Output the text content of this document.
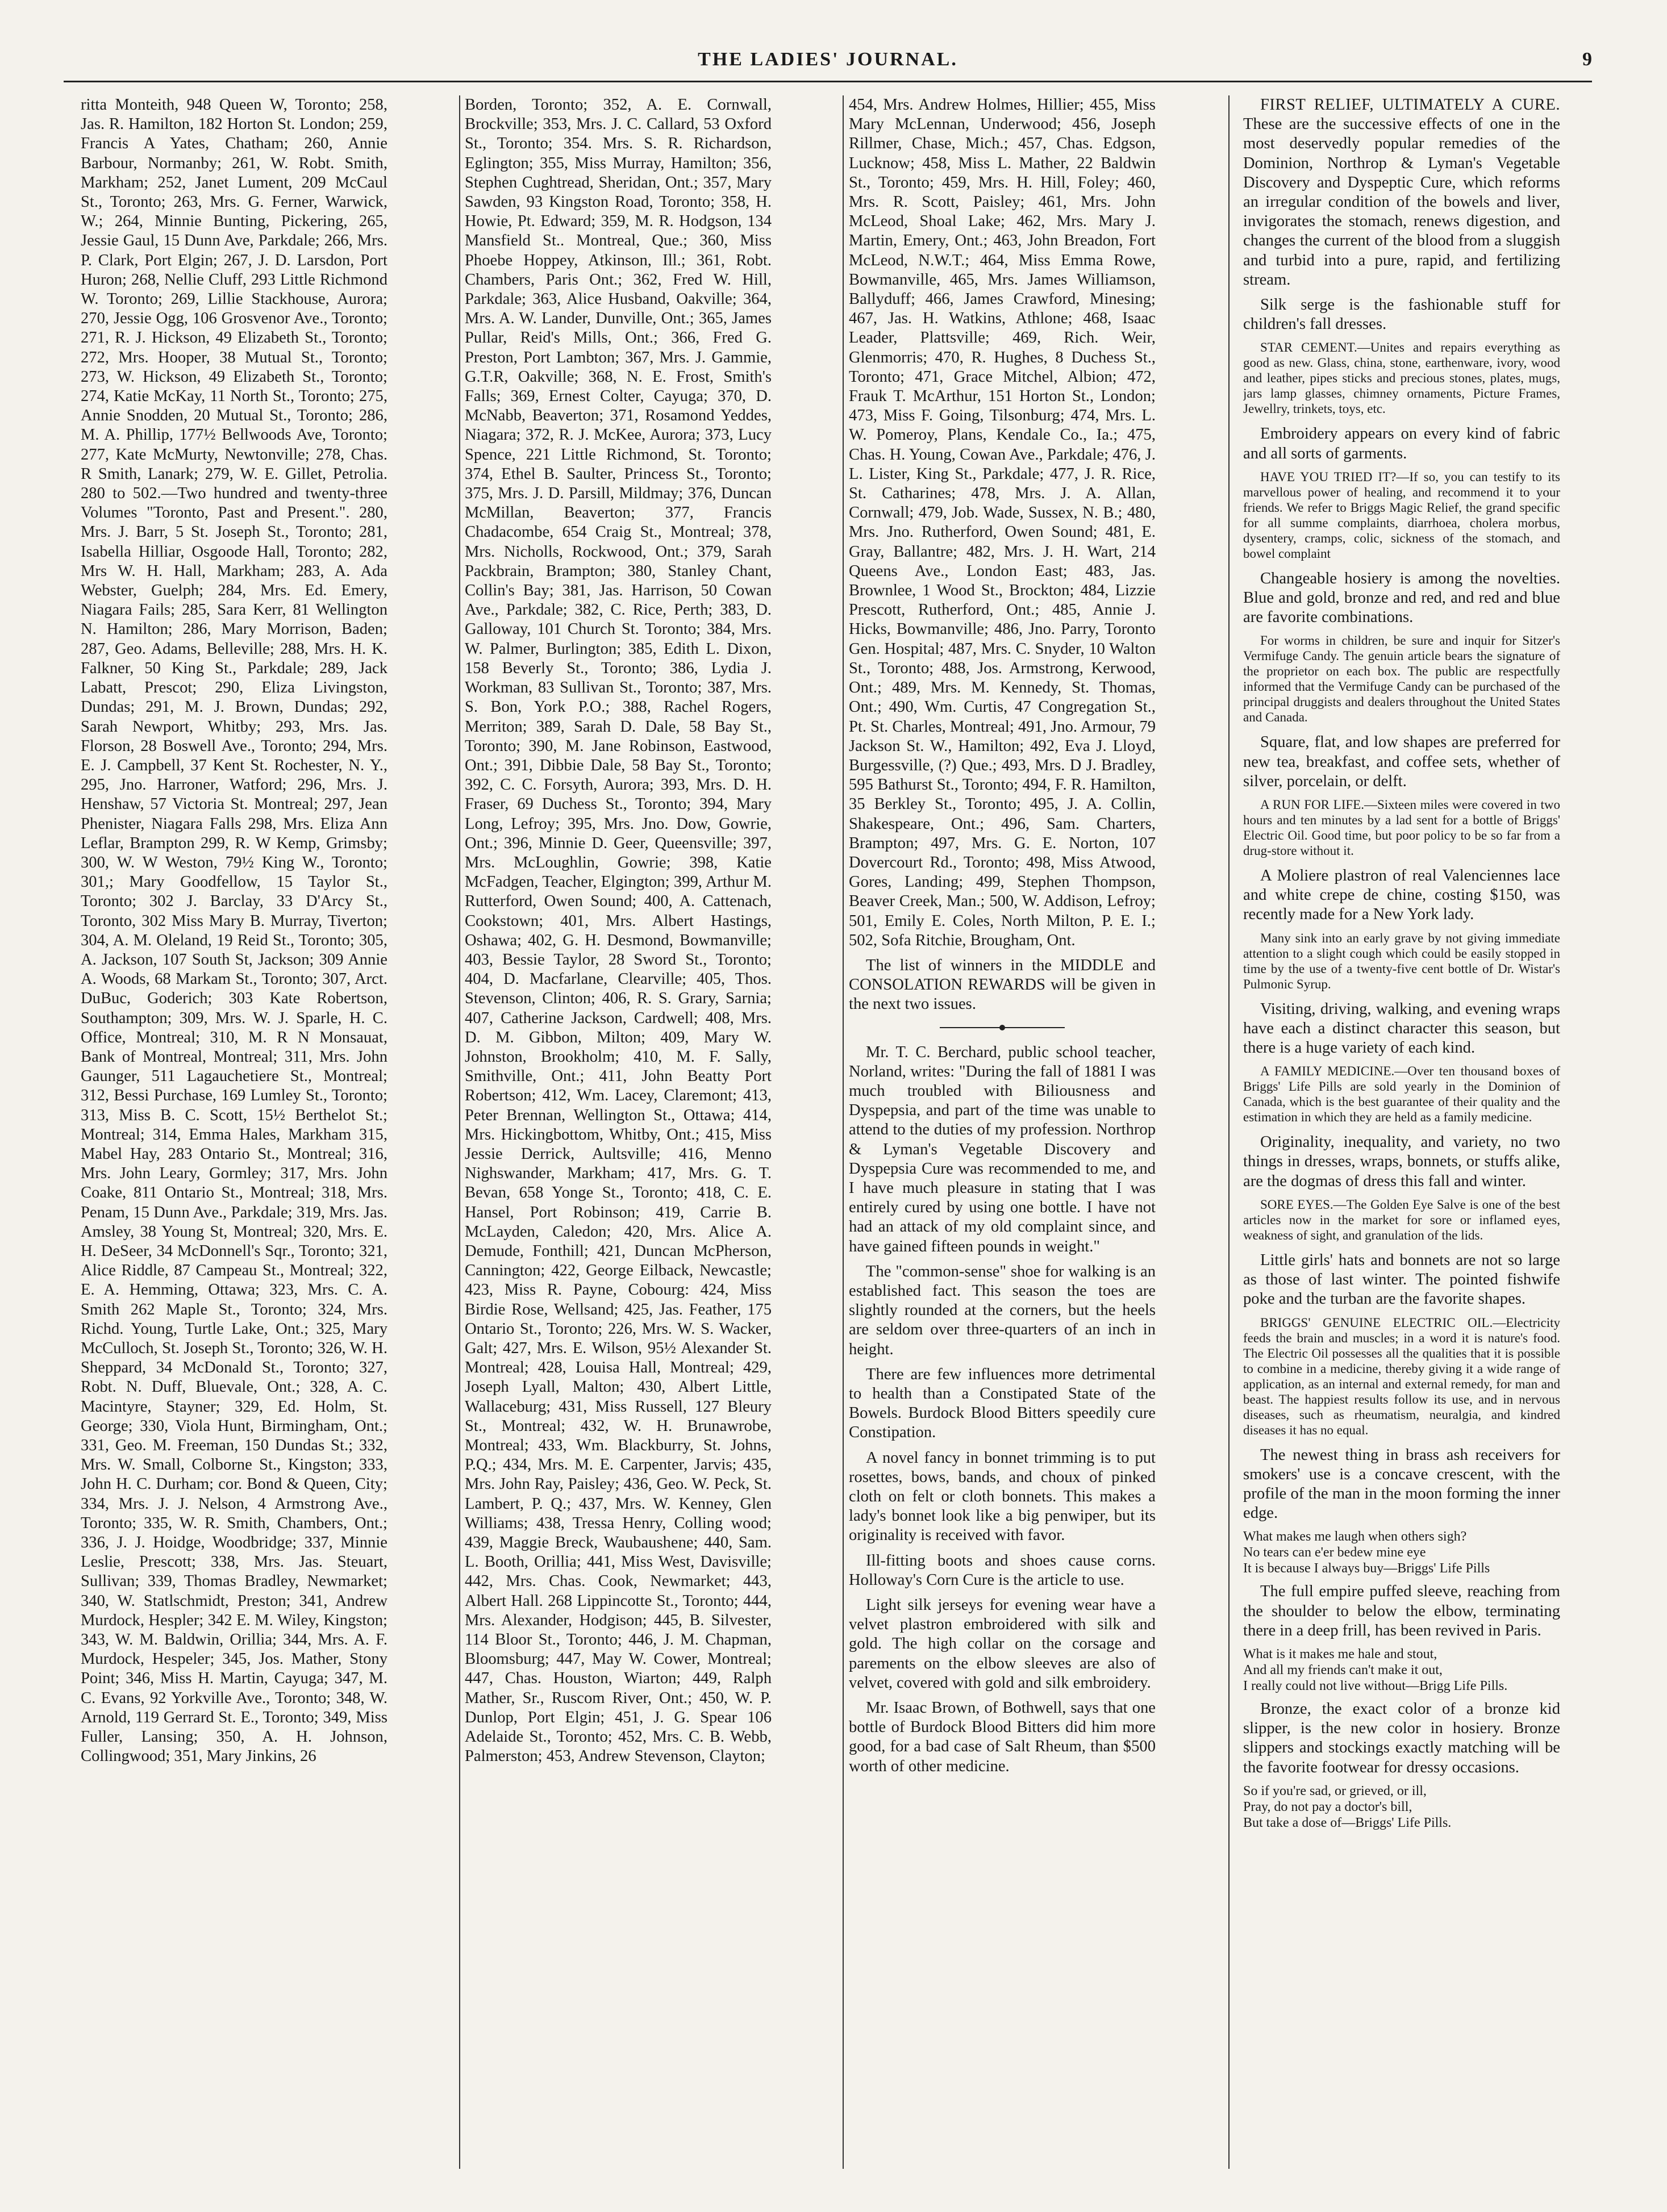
THE LADIES' JOURNAL.	9

ritta Monteith, 948 Queen W, Toronto; 258, Jas. R. Hamilton, 182 Horton St. London; 259, Francis A Yates, Chatham; 260, Annie Barbour, Normanby; 261, W. Robt. Smith, Markham; 252, Janet Lument, 209 McCaul St., Toronto; 263, Mrs. G. Ferner, Warwick, W.; 264, Minnie Bunting, Pickering, 265, Jessie Gaul, 15 Dunn Ave, Parkdale; 266, Mrs. P. Clark, Port Elgin; 267, J. D. Larsdon, Port Huron; 268, Nellie Cluff, 293 Little Richmond W. Toronto; 269, Lillie Stackhouse, Aurora; 270, Jessie Ogg, 106 Grosvenor Ave., Toronto; 271, R. J. Hickson, 49 Elizabeth St., Toronto; 272, Mrs. Hooper, 38 Mutual St., Toronto; 273, W. Hickson, 49 Elizabeth St., Toronto; 274, Katie McKay, 11 North St., Toronto; 275, Annie Snodden, 20 Mutual St., Toronto; 286, M. A. Phillip, 177½ Bellwoods Ave, Toronto; 277, Kate McMurty, Newtonville; 278, Chas. R Smith, Lanark; 279, W. E. Gillet, Petrolia. 280 to 502.—Two hundred and twenty-three Volumes "Toronto, Past and Present.". 280, Mrs. J. Barr, 5 St. Joseph St., Toronto; 281, Isabella Hilliar, Osgoode Hall, Toronto; 282, Mrs W. H. Hall, Markham; 283, A. Ada Webster, Guelph; 284, Mrs. Ed. Emery, Niagara Fails; 285, Sara Kerr, 81 Wellington N. Hamilton; 286, Mary Morrison, Baden; 287, Geo. Adams, Belleville; 288, Mrs. H. K. Falkner, 50 King St., Parkdale; 289, Jack Labatt, Prescot; 290, Eliza Livingston, Dundas; 291, M. J. Brown, Dundas; 292, Sarah Newport, Whitby; 293, Mrs. Jas. Florson, 28 Boswell Ave., Toronto; 294, Mrs. E. J. Campbell, 37 Kent St. Rochester, N. Y., 295, Jno. Harroner, Watford; 296, Mrs. J. Henshaw, 57 Victoria St. Montreal; 297, Jean Phenister, Niagara Falls 298, Mrs. Eliza Ann Leflar, Brampton 299, R. W Kemp, Grimsby; 300, W. W Weston, 79½ King W., Toronto; 301,; Mary Goodfellow, 15 Taylor St., Toronto; 302 J. Barclay, 33 D'Arcy St., Toronto, 302 Miss Mary B. Murray, Tiverton; 304, A. M. Oleland, 19 Reid St., Toronto; 305, A. Jackson, 107 South St, Jackson; 309 Annie A. Woods, 68 Markam St., Toronto; 307, Arct. DuBuc, Goderich; 303 Kate Robertson, Southampton; 309, Mrs. W. J. Sparle, H. C. Office, Montreal; 310, M. R N Monsauat, Bank of Montreal, Montreal; 311, Mrs. John Gaunger, 511 Lagauchetiere St., Montreal; 312, Bessi Purchase, 169 Lumley St., Toronto; 313, Miss B. C. Scott, 15½ Berthelot St.; Montreal; 314, Emma Hales, Markham 315, Mabel Hay, 283 Ontario St., Montreal; 316, Mrs. John Leary, Gormley; 317, Mrs. John Coake, 811 Ontario St., Montreal; 318, Mrs. Penam, 15 Dunn Ave., Parkdale; 319, Mrs. Jas. Amsley, 38 Young St, Montreal; 320, Mrs. E. H. DeSeer, 34 McDonnell's Sqr., Toronto; 321, Alice Riddle, 87 Campeau St., Montreal; 322, E. A. Hemming, Ottawa; 323, Mrs. C. A. Smith 262 Maple St., Toronto; 324, Mrs. Richd. Young, Turtle Lake, Ont.; 325, Mary McCulloch, St. Joseph St., Toronto; 326, W. H. Sheppard, 34 McDonald St., Toronto; 327, Robt. N. Duff, Bluevale, Ont.; 328, A. C. Macintyre, Stayner; 329, Ed. Holm, St. George; 330, Viola Hunt, Birmingham, Ont.; 331, Geo. M. Freeman, 150 Dundas St.; 332, Mrs. W. Small, Colborne St., Kingston; 333, John H. C. Durham; cor. Bond & Queen, City; 334, Mrs. J. J. Nelson, 4 Armstrong Ave., Toronto; 335, W. R. Smith, Chambers, Ont.; 336, J. J. Hoidge, Woodbridge; 337, Minnie Leslie, Prescott; 338, Mrs. Jas. Steuart, Sullivan; 339, Thomas Bradley, Newmarket; 340, W. Statlschmidt, Preston; 341, Andrew Murdock, Hespler; 342 E. M. Wiley, Kingston; 343, W. M. Baldwin, Orillia; 344, Mrs. A. F. Murdock, Hespeler; 345, Jos. Mather, Stony Point; 346, Miss H. Martin, Cayuga; 347, M. C. Evans, 92 Yorkville Ave., Toronto; 348, W. Arnold, 119 Gerrard St. E., Toronto; 349, Miss Fuller, Lansing; 350, A. H. Johnson, Collingwood; 351, Mary Jinkins, 26

Borden, Toronto; 352, A. E. Cornwall, Brockville; 353, Mrs. J. C. Callard, 53 Oxford St., Toronto; 354. Mrs. S. R. Richardson, Eglington; 355, Miss Murray, Hamilton; 356, Stephen Cughtread, Sheridan, Ont.; 357, Mary Sawden, 93 Kingston Road, Toronto; 358, H. Howie, Pt. Edward; 359, M. R. Hodgson, 134 Mansfield St.. Montreal, Que.; 360, Miss Phoebe Hoppey, Atkinson, Ill.; 361, Robt. Chambers, Paris Ont.; 362, Fred W. Hill, Parkdale; 363, Alice Husband, Oakville; 364, Mrs. A. W. Lander, Dunville, Ont.; 365, James Pullar, Reid's Mills, Ont.; 366, Fred G. Preston, Port Lambton; 367, Mrs. J. Gammie, G.T.R, Oakville; 368, N. E. Frost, Smith's Falls; 369, Ernest Colter, Cayuga; 370, D. McNabb, Beaverton; 371, Rosamond Yeddes, Niagara; 372, R. J. McKee, Aurora; 373, Lucy Spence, 221 Little Richmond, St. Toronto; 374, Ethel B. Saulter, Princess St., Toronto; 375, Mrs. J. D. Parsill, Mildmay; 376, Duncan McMillan, Beaverton; 377, Francis Chadacombe, 654 Craig St., Montreal; 378, Mrs. Nicholls, Rockwood, Ont.; 379, Sarah Packbrain, Brampton; 380, Stanley Chant, Collin's Bay; 381, Jas. Harrison, 50 Cowan Ave., Parkdale; 382, C. Rice, Perth; 383, D. Galloway, 101 Church St. Toronto; 384, Mrs. W. Palmer, Burlington; 385, Edith L. Dixon, 158 Beverly St., Toronto; 386, Lydia J. Workman, 83 Sullivan St., Toronto; 387, Mrs. S. Bon, York P.O.; 388, Rachel Rogers, Merriton; 389, Sarah D. Dale, 58 Bay St., Toronto; 390, M. Jane Robinson, Eastwood, Ont.; 391, Dibbie Dale, 58 Bay St., Toronto; 392, C. C. Forsyth, Aurora; 393, Mrs. D. H. Fraser, 69 Duchess St., Toronto; 394, Mary Long, Lefroy; 395, Mrs. Jno. Dow, Gowrie, Ont.; 396, Minnie D. Geer, Queensville; 397, Mrs. McLoughlin, Gowrie; 398, Katie McFadgen, Teacher, Elgington; 399, Arthur M. Rutterford, Owen Sound; 400, A. Cattenach, Cookstown; 401, Mrs. Albert Hastings, Oshawa; 402, G. H. Desmond, Bowmanville; 403, Bessie Taylor, 28 Sword St., Toronto; 404, D. Macfarlane, Clearville; 405, Thos. Stevenson, Clinton; 406, R. S. Grary, Sarnia; 407, Catherine Jackson, Cardwell; 408, Mrs. D. M. Gibbon, Milton; 409, Mary W. Johnston, Brookholm; 410, M. F. Sally, Smithville, Ont.; 411, John Beatty Port Robertson; 412, Wm. Lacey, Claremont; 413, Peter Brennan, Wellington St., Ottawa; 414, Mrs. Hickingbottom, Whitby, Ont.; 415, Miss Jessie Derrick, Aultsville; 416, Menno Nighswander, Markham; 417, Mrs. G. T. Bevan, 658 Yonge St., Toronto; 418, C. E. Hansel, Port Robinson; 419, Carrie B. McLayden, Caledon; 420, Mrs. Alice A. Demude, Fonthill; 421, Duncan McPherson, Cannington; 422, George Eilback, Newcastle; 423, Miss R. Payne, Cobourg: 424, Miss Birdie Rose, Wellsand; 425, Jas. Feather, 175 Ontario St., Toronto; 226, Mrs. W. S. Wacker, Galt; 427, Mrs. E. Wilson, 95½ Alexander St. Montreal; 428, Louisa Hall, Montreal; 429, Joseph Lyall, Malton; 430, Albert Little, Wallaceburg; 431, Miss Russell, 127 Bleury St., Montreal; 432, W. H. Brunawrobe, Montreal; 433, Wm. Blackburry, St. Johns, P.Q.; 434, Mrs. M. E. Carpenter, Jarvis; 435, Mrs. John Ray, Paisley; 436, Geo. W. Peck, St. Lambert, P. Q.; 437, Mrs. W. Kenney, Glen Williams; 438, Tressa Henry, Colling wood; 439, Maggie Breck, Waubaushene; 440, Sam. L. Booth, Orillia; 441, Miss West, Davisville; 442, Mrs. Chas. Cook, Newmarket; 443, Albert Hall. 268 Lippincotte St., Toronto; 444, Mrs. Alexander, Hodgison; 445, B. Silvester, 114 Bloor St., Toronto; 446, J. M. Chapman, Bloomsburg; 447, May W. Cower, Montreal; 447, Chas. Houston, Wiarton; 449, Ralph Mather, Sr., Ruscom River, Ont.; 450, W. P. Dunlop, Port Elgin; 451, J. G. Spear 106 Adelaide St., Toronto; 452, Mrs. C. B. Webb, Palmerston; 453, Andrew Stevenson, Clayton;

454, Mrs. Andrew Holmes, Hillier; 455, Miss Mary McLennan, Underwood; 456, Joseph Rillmer, Chase, Mich.; 457, Chas. Edgson, Lucknow; 458, Miss L. Mather, 22 Baldwin St., Toronto; 459, Mrs. H. Hill, Foley; 460, Mrs. R. Scott, Paisley; 461, Mrs. John McLeod, Shoal Lake; 462, Mrs. Mary J. Martin, Emery, Ont.; 463, John Breadon, Fort McLeod, N.W.T.; 464, Miss Emma Rowe, Bowmanville, 465, Mrs. James Williamson, Ballyduff; 466, James Crawford, Minesing; 467, Jas. H. Watkins, Athlone; 468, Isaac Leader, Plattsville; 469, Rich. Weir, Glenmorris; 470, R. Hughes, 8 Duchess St., Toronto; 471, Grace Mitchel, Albion; 472, Frauk T. McArthur, 151 Horton St., London; 473, Miss F. Going, Tilsonburg; 474, Mrs. L. W. Pomeroy, Plans, Kendale Co., Ia.; 475, Chas. H. Young, Cowan Ave., Parkdale; 476, J. L. Lister, King St., Parkdale; 477, J. R. Rice, St. Catharines; 478, Mrs. J. A. Allan, Cornwall; 479, Job. Wade, Sussex, N. B.; 480, Mrs. Jno. Rutherford, Owen Sound; 481, E. Gray, Ballantre; 482, Mrs. J. H. Wart, 214 Queens Ave., London East; 483, Jas. Brownlee, 1 Wood St., Brockton; 484, Lizzie Prescott, Rutherford, Ont.; 485, Annie J. Hicks, Bowmanville; 486, Jno. Parry, Toronto Gen. Hospital; 487, Mrs. C. Snyder, 10 Walton St., Toronto; 488, Jos. Armstrong, Kerwood, Ont.; 489, Mrs. M. Kennedy, St. Thomas, Ont.; 490, Wm. Curtis, 47 Congregation St., Pt. St. Charles, Montreal; 491, Jno. Armour, 79 Jackson St. W., Hamilton; 492, Eva J. Lloyd, Burgessville, (?) Que.; 493, Mrs. D J. Bradley, 595 Bathurst St., Toronto; 494, F. R. Hamilton, 35 Berkley St., Toronto; 495, J. A. Collin, Shakespeare, Ont.; 496, Sam. Charters, Brampton; 497, Mrs. G. E. Norton, 107 Dovercourt Rd., Toronto; 498, Miss Atwood, Gores, Landing; 499, Stephen Thompson, Beaver Creek, Man.; 500, W. Addison, Lefroy; 501, Emily E. Coles, North Milton, P. E. I.; 502, Sofa Ritchie, Brougham, Ont.

The list of winners in the MIDDLE and CONSOLATION REWARDS will be given in the next two issues.

Mr. T. C. Berchard, public school teacher, Norland, writes: "During the fall of 1881 I was much troubled with Biliousness and Dyspepsia, and part of the time was unable to attend to the duties of my profession. Northrop & Lyman's Vegetable Discovery and Dyspepsia Cure was recommended to me, and I have much pleasure in stating that I was entirely cured by using one bottle. I have not had an attack of my old complaint since, and have gained fifteen pounds in weight."

The "common-sense" shoe for walking is an established fact. This season the toes are slightly rounded at the corners, but the heels are seldom over three-quarters of an inch in height.

There are few influences more detrimental to health than a Constipated State of the Bowels. Burdock Blood Bitters speedily cure Constipation.

A novel fancy in bonnet trimming is to put rosettes, bows, bands, and choux of pinked cloth on felt or cloth bonnets. This makes a lady's bonnet look like a big penwiper, but its originality is received with favor.

Ill-fitting boots and shoes cause corns. Holloway's Corn Cure is the article to use.

Light silk jerseys for evening wear have a velvet plastron embroidered with silk and gold. The high collar on the corsage and parements on the elbow sleeves are also of velvet, covered with gold and silk embroidery.

Mr. Isaac Brown, of Bothwell, says that one bottle of Burdock Blood Bitters did him more good, for a bad case of Salt Rheum, than $500 worth of other medicine.

FIRST RELIEF, ULTIMATELY A CURE. These are the successive effects of one in the most deservedly popular remedies of the Dominion, Northrop & Lyman's Vegetable Discovery and Dyspeptic Cure, which reforms an irregular condition of the bowels and liver, invigorates the stomach, renews digestion, and changes the current of the blood from a sluggish and turbid into a pure, rapid, and fertilizing stream.

Silk serge is the fashionable stuff for children's fall dresses.

STAR CEMENT.—Unites and repairs everything as good as new. Glass, china, stone, earthenware, ivory, wood and leather, pipes sticks and precious stones, plates, mugs, jars lamp glasses, chimney ornaments, Picture Frames, Jewellry, trinkets, toys, etc.

Embroidery appears on every kind of fabric and all sorts of garments.

HAVE YOU TRIED IT?—If so, you can testify to its marvellous power of healing, and recommend it to your friends. We refer to Briggs Magic Relief, the grand specific for all summe complaints, diarrhoea, cholera morbus, dysentery, cramps, colic, sickness of the stomach, and bowel complaint

Changeable hosiery is among the novelties. Blue and gold, bronze and red, and red and blue are favorite combinations.

For worms in children, be sure and inquir for Sitzer's Vermifuge Candy. The genuin article bears the signature of the proprietor on each box. The public are respectfully informed that the Vermifuge Candy can be purchased of the principal druggists and dealers throughout the United States and Canada.

Square, flat, and low shapes are preferred for new tea, breakfast, and coffee sets, whether of silver, porcelain, or delft.

A RUN FOR LIFE.—Sixteen miles were covered in two hours and ten minutes by a lad sent for a bottle of Briggs' Electric Oil. Good time, but poor policy to be so far from a drug-store without it.

A Moliere plastron of real Valenciennes lace and white crepe de chine, costing $150, was recently made for a New York lady.

Many sink into an early grave by not giving immediate attention to a slight cough which could be easily stopped in time by the use of a twenty-five cent bottle of Dr. Wistar's Pulmonic Syrup.

Visiting, driving, walking, and evening wraps have each a distinct character this season, but there is a huge variety of each kind.

A FAMILY MEDICINE.—Over ten thousand boxes of Briggs' Life Pills are sold yearly in the Dominion of Canada, which is the best guarantee of their quality and the estimation in which they are held as a family medicine.

Originality, inequality, and variety, no two things in dresses, wraps, bonnets, or stuffs alike, are the dogmas of dress this fall and winter.

SORE EYES.—The Golden Eye Salve is one of the best articles now in the market for sore or inflamed eyes, weakness of sight, and granulation of the lids.

Little girls' hats and bonnets are not so large as those of last winter. The pointed fishwife poke and the turban are the favorite shapes.

BRIGGS' GENUINE ELECTRIC OIL.—Electricity feeds the brain and muscles; in a word it is nature's food. The Electric Oil possesses all the qualities that it is possible to combine in a medicine, thereby giving it a wide range of application, as an internal and external remedy, for man and beast. The happiest results follow its use, and in nervous diseases, such as rheumatism, neuralgia, and kindred diseases it has no equal.

The newest thing in brass ash receivers for smokers' use is a concave crescent, with the profile of the man in the moon forming the inner edge.

What makes me laugh when others sigh?
No tears can e'er bedew mine eye
It is because I always buy—Briggs' Life Pills

The full empire puffed sleeve, reaching from the shoulder to below the elbow, terminating there in a deep frill, has been revived in Paris.

What is it makes me hale and stout,
And all my friends can't make it out,
I really could not live without—Brigg Life Pills.

Bronze, the exact color of a bronze kid slipper, is the new color in hosiery. Bronze slippers and stockings exactly matching will be the favorite footwear for dressy occasions.

So if you're sad, or grieved, or ill,
Pray, do not pay a doctor's bill,
But take a dose of—Briggs' Life Pills.
